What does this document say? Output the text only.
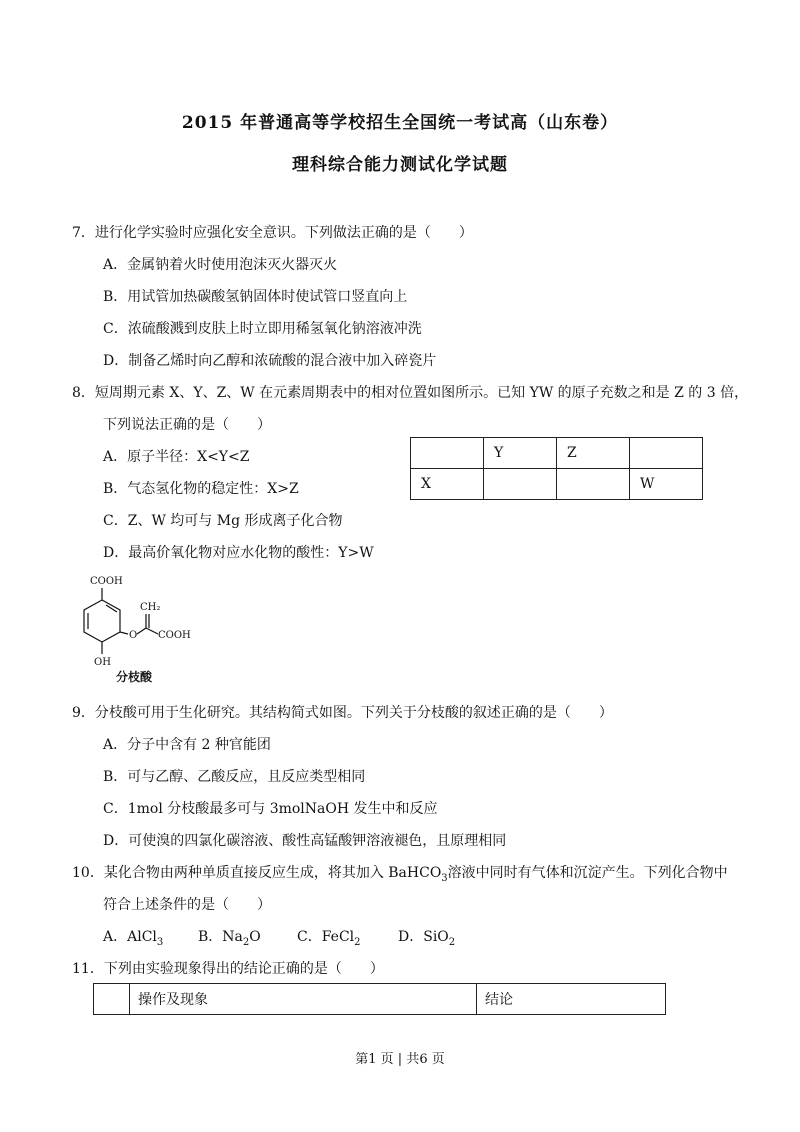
2015 年普通高等学校招生全国统一考试高（山东卷）
理科综合能力测试化学试题
7．进行化学实验时应强化安全意识。下列做法正确的是（　　）
A．金属钠着火时使用泡沫灭火器灭火
B．用试管加热碳酸氢钠固体时使试管口竖直向上
C．浓硫酸溅到皮肤上时立即用稀氢氧化钠溶液冲洗
D．制备乙烯时向乙醇和浓硫酸的混合液中加入碎瓷片
8．短周期元素 X、Y、Z、W 在元素周期表中的相对位置如图所示。已知 YW 的原子充数之和是 Z 的 3 倍，
下列说法正确的是（　　）
A．原子半径：X<Y<Z
B．气态氢化物的稳定性：X>Z
C．Z、W 均可与 Mg 形成离子化合物
D．最高价氧化物对应水化物的酸性：Y>W
	Y	Z	
X			W
COOH
O
CH₂
COOH
OH
分枝酸
9．分枝酸可用于生化研究。其结构简式如图。下列关于分枝酸的叙述正确的是（　　）
A．分子中含有 2 种官能团
B．可与乙醇、乙酸反应，且反应类型相同
C．1mol 分枝酸最多可与 3molNaOH 发生中和反应
D．可使溴的四氯化碳溶液、酸性高锰酸钾溶液褪色，且原理相同
10．某化合物由两种单质直接反应生成，将其加入 BaHCO$_3$溶液中同时有气体和沉淀产生。下列化合物中
符合上述条件的是（　　）
A．AlCl$_3$ B．$Na_2O$	C．FeCl$_2$	D．SiO$_2$
11．下列由实验现象得出的结论正确的是（　　）
	操作及现象	结论
第1 页 | 共6 页
